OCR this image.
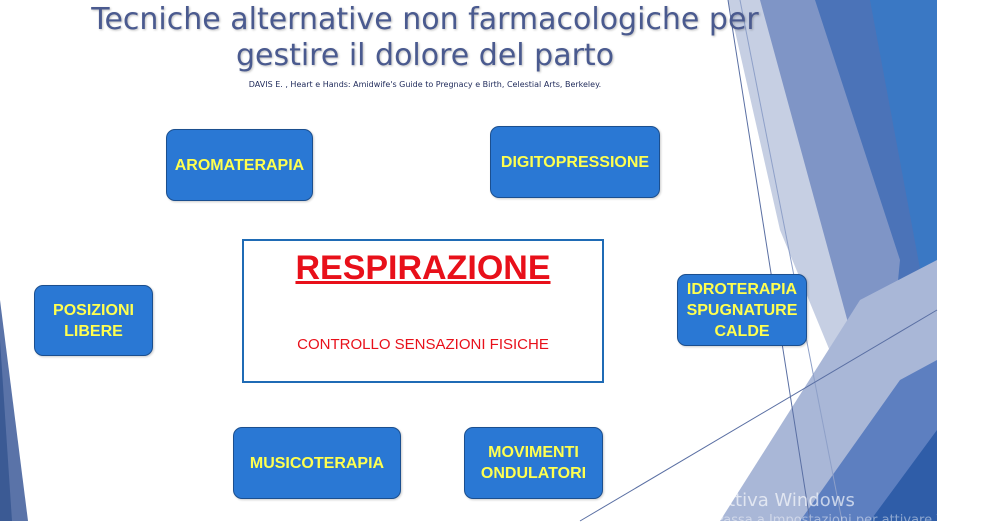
Tecniche alternative non farmacologiche per
gestire il dolore del parto
DAVIS E. , Heart e Hands: Amidwife's Guide to Pregnacy e Birth, Celestial Arts, Berkeley.
AROMATERAPIA	DIGITOPRESSIONE
POSIZIONI
LIBERE
IDROTERAPIA
SPUGNATURE
CALDE
MUSICOTERAPIA
MOVIMENTI
ONDULATORI
RESPIRAZIONE
CONTROLLO SENSAZIONI FISICHE
Attiva Windows
Passa a Impostazioni per attivare Windows.
